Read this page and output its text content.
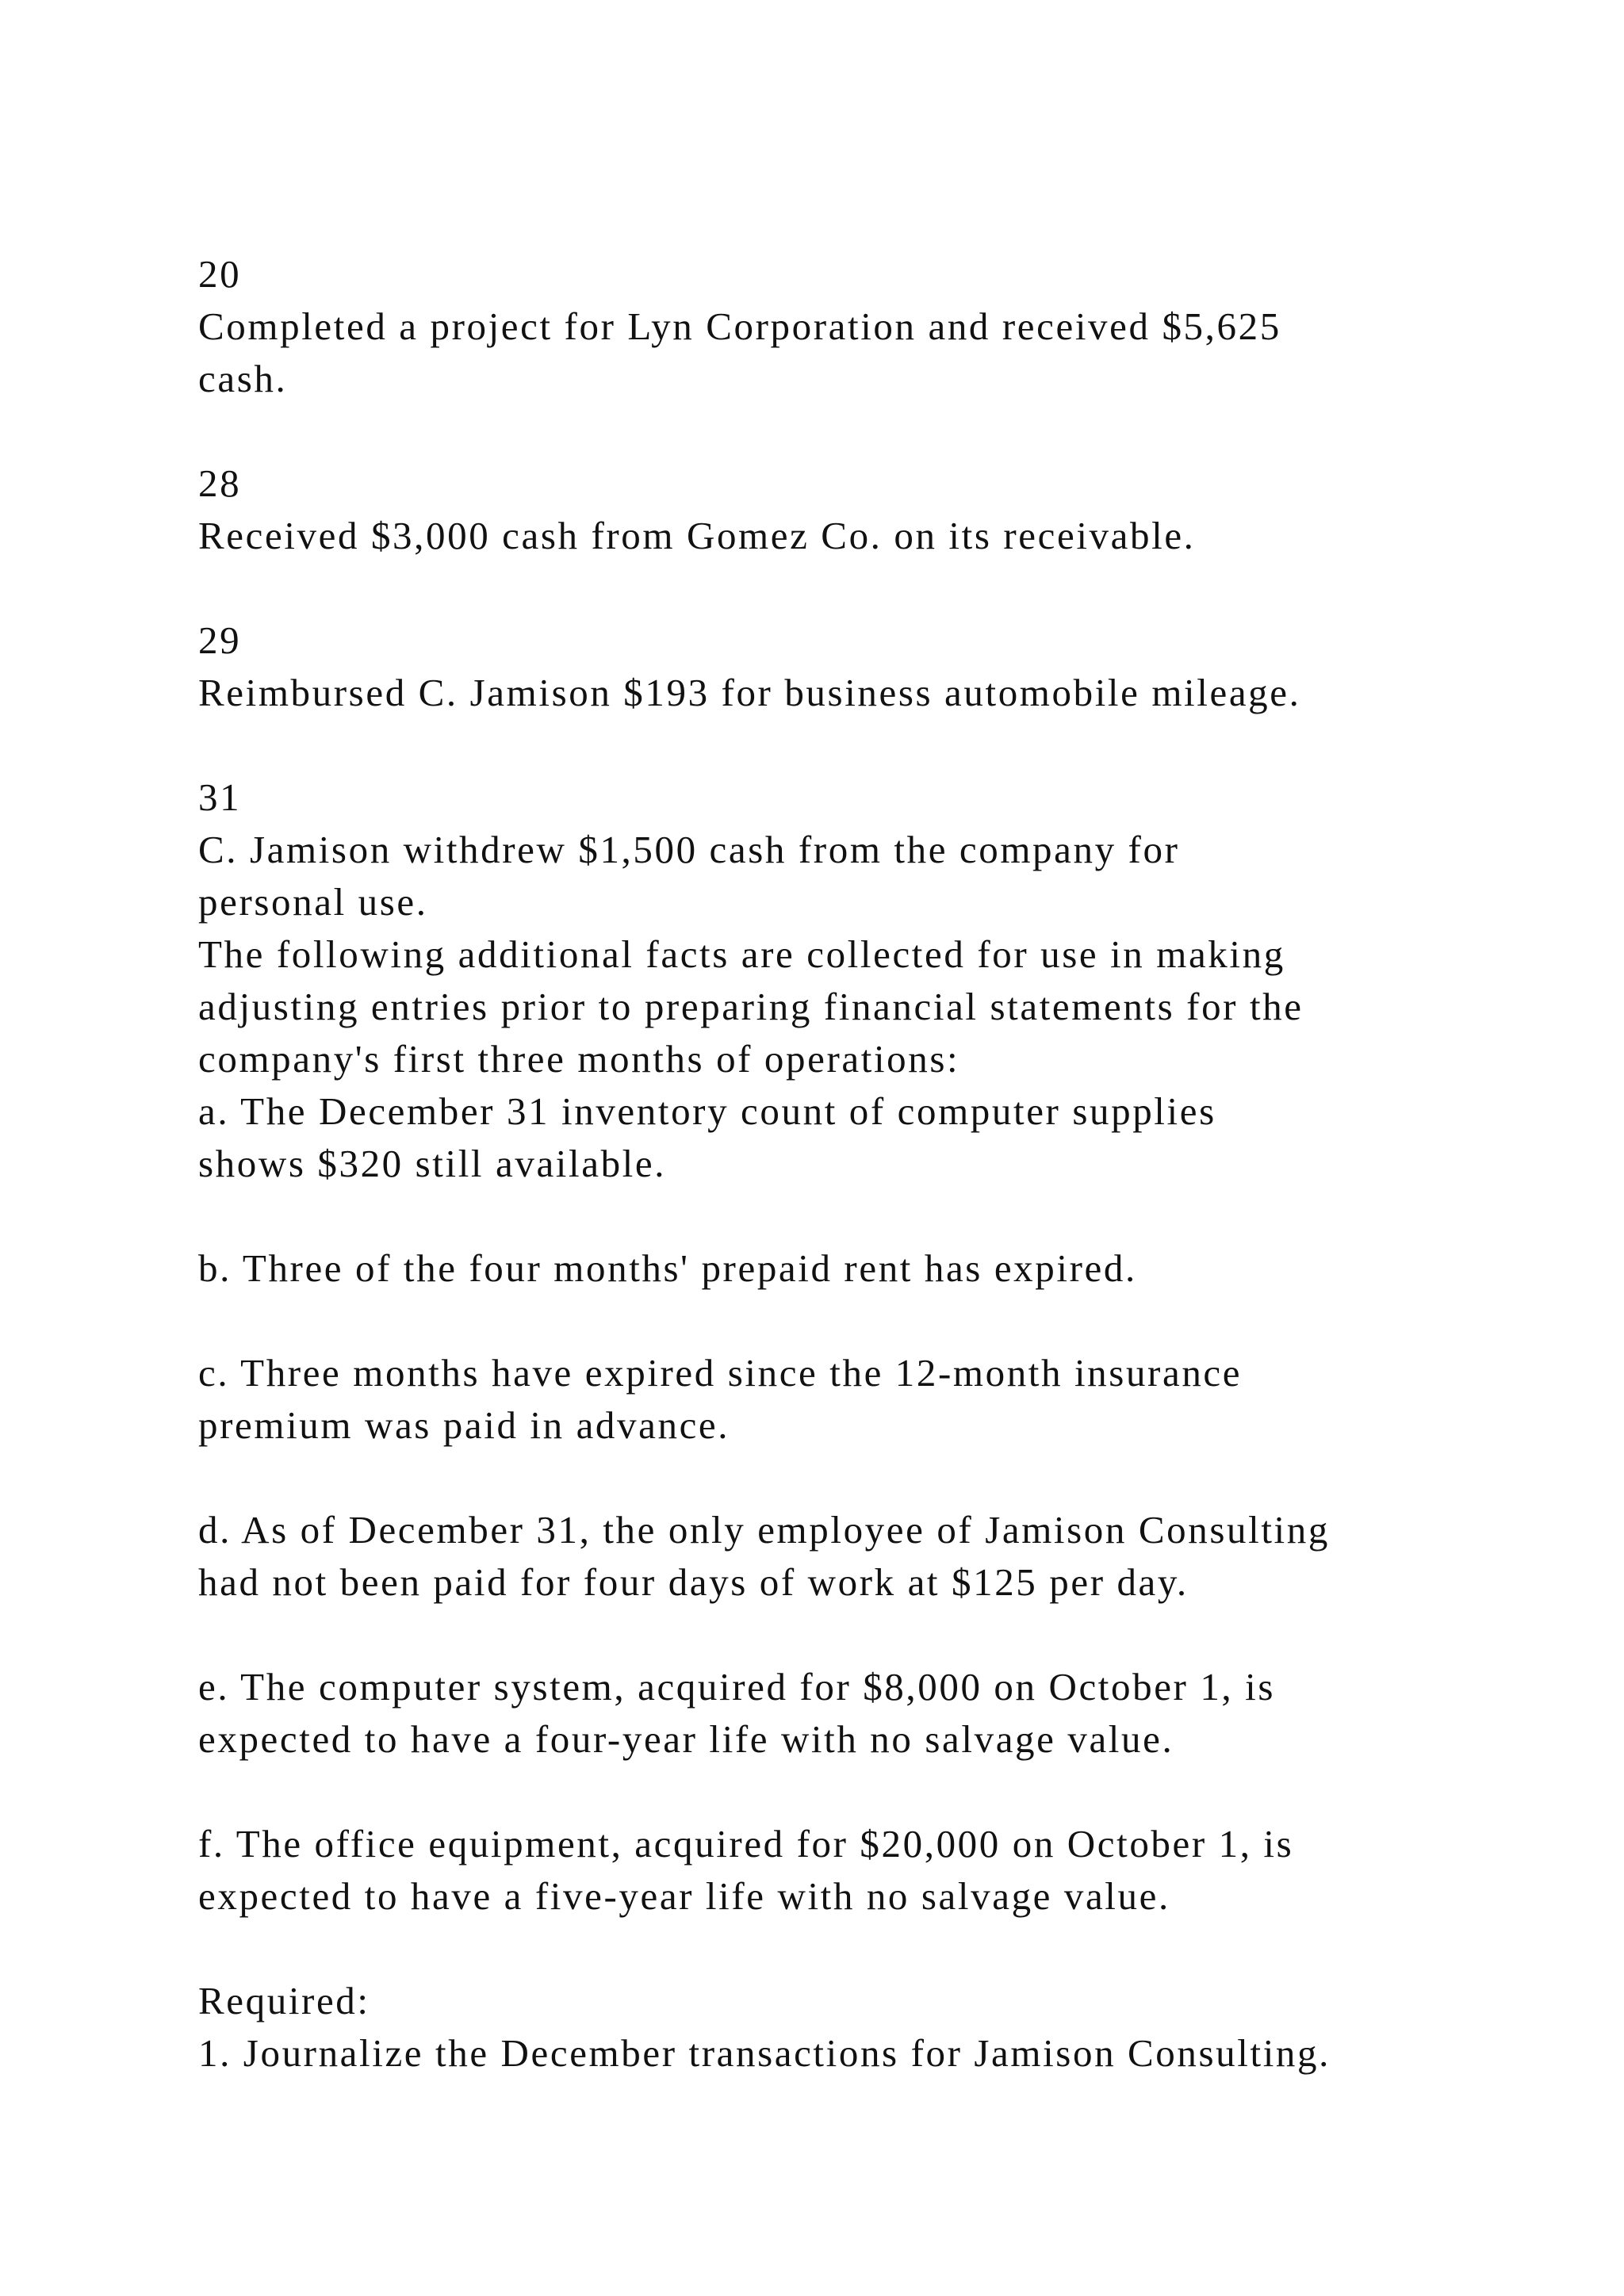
20
Completed a project for Lyn Corporation and received $5,625
cash.
28
Received $3,000 cash from Gomez Co. on its receivable.
29
Reimbursed C. Jamison $193 for business automobile mileage.
31
C. Jamison withdrew $1,500 cash from the company for
personal use.
The following additional facts are collected for use in making
adjusting entries prior to preparing financial statements for the
company's first three months of operations:
a. The December 31 inventory count of computer supplies
shows $320 still available.
b. Three of the four months' prepaid rent has expired.
c. Three months have expired since the 12-month insurance
premium was paid in advance.
d. As of December 31, the only employee of Jamison Consulting
had not been paid for four days of work at $125 per day.
e. The computer system, acquired for $8,000 on October 1, is
expected to have a four-year life with no salvage value.
f. The office equipment, acquired for $20,000 on October 1, is
expected to have a five-year life with no salvage value.
Required:
1. Journalize the December transactions for Jamison Consulting.
